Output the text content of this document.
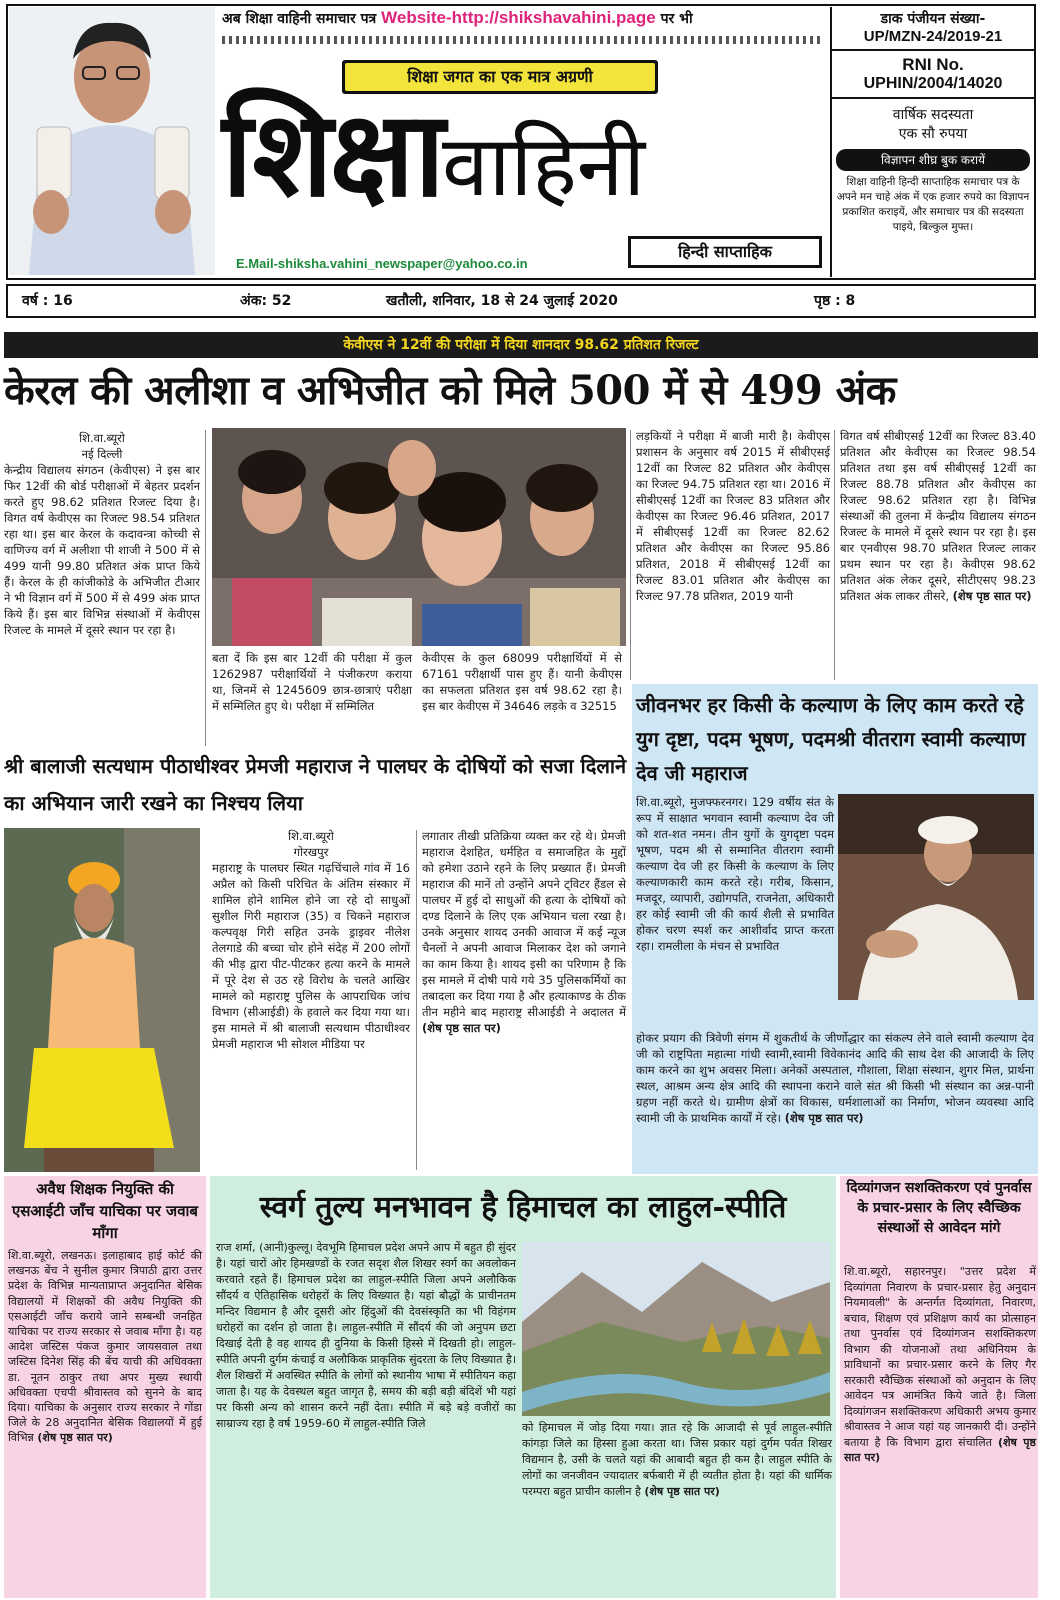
अब शिक्षा वाहिनी समाचार पत्र Website-http://shikshavahini.page पर भी
शिक्षा जगत का एक मात्र अग्रणी
शिक्षावाहिनी
हिन्दी साप्ताहिक
E.Mail-shiksha.vahini_newspaper@yahoo.co.in
डाक पंजीयन संख्या-
UP/MZN-24/2019-21
RNI No.
UPHIN/2004/14020
वार्षिक सदस्यता
एक सौ रुपया
विज्ञापन शीघ्र बुक करायें
शिक्षा वाहिनी हिन्दी साप्ताहिक समाचार पत्र के अपने मन चाहे अंक में एक हजार रुपये का विज्ञापन प्रकाशित कराइयें, और समाचार पत्र की सदस्यता पाइये, बिल्कुल मुफ्त।
वर्ष : 16	अंक: 52	खतौली, शनिवार, 18 से 24 जुलाई 2020	पृष्ठ : 8
केवीएस ने 12वीं की परीक्षा में दिया शानदार 98.62 प्रतिशत रिजल्ट
केरल की अलीशा व अभिजीत को मिले 500 में से 499 अंक
शि.वा.ब्यूरो
नई दिल्ली
केन्द्रीय विद्यालय संगठन (केवीएस) ने इस बार फिर 12वीं की बोर्ड परीक्षाओं में बेहतर प्रदर्शन करते हुए 98.62 प्रतिशत रिजल्ट दिया है। विगत वर्ष केवीएस का रिजल्ट 98.54 प्रतिशत रहा था। इस बार केरल के कदावन्त्रा कोच्ची से वाणिज्य वर्ग में अलीशा पी शाजी ने 500 में से 499 यानी 99.80 प्रतिशत अंक प्राप्त किये हैं। केरल के ही कांजीकोडे के अभिजीत टीआर ने भी विज्ञान वर्ग में 500 में से 499 अंक प्राप्त किये हैं। इस बार विभिन्न संस्थाओं में केवीएस रिजल्ट के मामले में दूसरे स्थान पर रहा है।
बता दें कि इस बार 12वीं की परीक्षा में कुल 1262987 परीक्षार्थियों ने पंजीकरण कराया था, जिनमें से 1245609 छात्र-छात्राएं परीक्षा में सम्मिलित हुए थे। परीक्षा में सम्मिलित
केवीएस के कुल 68099 परीक्षार्थियों में से 67161 परीक्षार्थी पास हुए हैं। यानी केवीएस का सफलता प्रतिशत इस वर्ष 98.62 रहा है। इस बार केवीएस में 34646 लड़के व 32515
लड़कियों ने परीक्षा में बाजी मारी है। केवीएस प्रशासन के अनुसार वर्ष 2015 में सीबीएसई 12वीं का रिजल्ट 82 प्रतिशत और केवीएस का रिजल्ट 94.75 प्रतिशत रहा था। 2016 में सीबीएसई 12वीं का रिजल्ट 83 प्रतिशत और केवीएस का रिजल्ट 96.46 प्रतिशत, 2017 में सीबीएसई 12वीं का रिजल्ट 82.62 प्रतिशत और केवीएस का रिजल्ट 95.86 प्रतिशत, 2018 में सीबीएसई 12वीं का रिजल्ट 83.01 प्रतिशत और केवीएस का रिजल्ट 97.78 प्रतिशत, 2019 यानी
विगत वर्ष सीबीएसई 12वीं का रिजल्ट 83.40 प्रतिशत और केवीएस का रिजल्ट 98.54 प्रतिशत तथा इस वर्ष सीबीएसई 12वीं का रिजल्ट 88.78 प्रतिशत और केवीएस का रिजल्ट 98.62 प्रतिशत रहा है। विभिन्न संस्थाओं की तुलना में केन्द्रीय विद्यालय संगठन रिजल्ट के मामले में दूसरे स्थान पर रहा है। इस बार एनवीएस 98.70 प्रतिशत रिजल्ट लाकर प्रथम स्थान पर रहा है। केवीएस 98.62 प्रतिशत अंक लेकर दूसरे, सीटीएसए 98.23 प्रतिशत अंक लाकर तीसरे, (शेष पृष्ठ सात पर)
जीवनभर हर किसी के कल्याण के लिए काम करते रहे युग दृष्टा, पदम भूषण, पदमश्री वीतराग स्वामी कल्याण देव जी महाराज
शि.वा.ब्यूरो, मुजफ्फरनगर। 129 वर्षीय संत के रूप में साक्षात भगवान स्वामी कल्याण देव जी को शत-शत नमन। तीन युगों के युगदृष्टा पदम भूषण, पदम श्री से सम्मानित वीतराग स्वामी कल्याण देव जी हर किसी के कल्याण के लिए कल्याणकारी काम करते रहे। गरीब, किसान, मजदूर, व्यापारी, उद्योगपति, राजनेता, अधिकारी हर कोई स्वामी जी की कार्य शैली से प्रभावित होकर चरण स्पर्श कर आशीर्वाद प्राप्त करता रहा। रामलीला के मंचन से प्रभावित
होकर प्रयाग की त्रिवेणी संगम में शुकतीर्थ के जीर्णोद्धार का संकल्प लेने वाले स्वामी कल्याण देव जी को राष्ट्रपिता महात्मा गांधी स्वामी,स्वामी विवेकानंद आदि की साथ देश की आजादी के लिए काम करने का शुभ अवसर मिला। अनेकों अस्पताल, गौशाला, शिक्षा संस्थान, शुगर मिल, प्रार्थना स्थल, आश्रम अन्य क्षेत्र आदि की स्थापना कराने वाले संत श्री किसी भी संस्थान का अन्न-पानी ग्रहण नहीं करते थे। ग्रामीण क्षेत्रों का विकास, धर्मशालाओं का निर्माण, भोजन व्यवस्था आदि स्वामी जी के प्राथमिक कार्यों में रहे। (शेष पृष्ठ सात पर)
श्री बालाजी सत्यधाम पीठाधीश्वर प्रेमजी महाराज ने पालघर के दोषियों को सजा दिलाने का अभियान जारी रखने का निश्चय लिया
शि.वा.ब्यूरो
गोरखपुर
महाराष्ट्र के पालघर स्थित गढ़चिंचाले गांव में 16 अप्रैल को किसी परिचित के अंतिम संस्कार में शामिल होने शामिल होने जा रहे दो साधुओं सुशील गिरी महाराज (35) व चिकने महाराज कल्पवृक्ष गिरी सहित उनके ड्राइवर नीलेश तेलगाडे की बच्चा चोर होने संदेह में 200 लोगों की भीड़ द्वारा पीट-पीटकर हत्या करने के मामले में पूरे देश से उठ रहे विरोध के चलते आखिर मामले को महाराष्ट्र पुलिस के आपराधिक जांच विभाग (सीआईडी) के हवाले कर दिया गया था। इस मामले में श्री बालाजी सत्यधाम पीठाधीश्वर प्रेमजी महाराज भी सोशल मीडिया पर
लगातार तीखी प्रतिक्रिया व्यक्त कर रहे थे। प्रेमजी महाराज देशहित, धर्महित व समाजहित के मुद्दों को हमेशा उठाने रहने के लिए प्रख्यात हैं। प्रेमजी महाराज की मानें तो उन्होंने अपने ट्विटर हैंडल से पालघर में हुई दो साधुओं की हत्या के दोषियों को दण्ड दिलाने के लिए एक अभियान चला रखा है। उनके अनुसार शायद उनकी आवाज में कई न्यूज चैनलों ने अपनी आवाज मिलाकर देश को जगाने का काम किया है। शायद इसी का परिणाम है कि इस मामले में दोषी पाये गये 35 पुलिसकर्मियों का तबादला कर दिया गया है और हत्याकाण्ड के ठीक तीन महीने बाद महाराष्ट्र सीआईडी ने अदालत में (शेष पृष्ठ सात पर)
अवैध शिक्षक नियुक्ति की एसआईटी जाँच याचिका पर जवाब माँगा
शि.वा.ब्यूरो, लखनऊ। इलाहाबाद हाई कोर्ट की लखनऊ बेंच ने सुनील कुमार त्रिपाठी द्वारा उत्तर प्रदेश के विभिन्न मान्यताप्राप्त अनुदानित बेसिक विद्यालयों में शिक्षकों की अवैध नियुक्ति की एसआईटी जाँच कराये जाने सम्बन्धी जनहित याचिका पर राज्य सरकार से जवाब माँगा है। यह आदेश जस्टिस पंकज कुमार जायसवाल तथा जस्टिस दिनेश सिंह की बेंच याची की अधिवक्ता डा. नूतन ठाकुर तथा अपर मुख्य स्थायी अधिवक्ता एचपी श्रीवास्तव को सुनने के बाद दिया। याचिका के अनुसार राज्य सरकार ने गोंडा जिले के 28 अनुदानित बेसिक विद्यालयों में हुई विभिन्न (शेष पृष्ठ सात पर)
स्वर्ग तुल्य मनभावन है हिमाचल का लाहुल-स्पीति
राज शर्मा, (आनी)कुल्लू। देवभूमि हिमाचल प्रदेश अपने आप में बहुत ही सुंदर है। यहां चारों ओर हिमखण्डों के रजत सदृश शैल शिखर स्वर्ग का अवलोकन करवाते रहते हैं। हिमाचल प्रदेश का लाहुल-स्पीति जिला अपने अलौकिक सौंदर्य व ऐतिहासिक धरोहरों के लिए विख्यात है। यहां बौद्धों के प्राचीनतम मन्दिर विद्यमान है और दूसरी ओर हिंदुओं की देवसंस्कृति का भी विहंगम धरोहरों का दर्शन हो जाता है। लाहुल-स्पीति में सौंदर्य की जो अनुपम छटा दिखाई देती है वह शायद ही दुनिया के किसी हिस्से में दिखती हो। लाहुल-स्पीति अपनी दुर्गम कंचाई व अलौकिक प्राकृतिक सुंदरता के लिए विख्यात है। शैल शिखरों में अवस्थित स्पीति के लोगों को स्थानीय भाषा में स्पीतियन कहा जाता है। यह के देवस्थल बहुत जागृत है, समय की बड़ी बड़ी बंदिशें भी यहां पर किसी अन्य को शासन करने नहीं देता। स्पीति में बड़े बड़े वजीरों का साम्राज्य रहा है वर्ष 1959-60 में लाहुल-स्पीति जिले	को हिमाचल में जोड़ दिया गया। ज्ञात रहे कि आजादी से पूर्व लाहुल-स्पीति कांगड़ा जिले का हिस्सा हुआ करता था। जिस प्रकार यहां दुर्गम पर्वत शिखर विद्यमान है, उसी के चलते यहां की आबादी बहुत ही कम है। लाहुल स्पीति के लोगों का जनजीवन ज्यादातर बर्फबारी में ही व्यतीत होता है। यहां की धार्मिक परम्परा बहुत प्राचीन कालीन है (शेष पृष्ठ सात पर)
दिव्यांगजन सशक्तिकरण एवं पुनर्वास के प्रचार-प्रसार के लिए स्वैच्छिक संस्थाओं से आवेदन मांगे
शि.वा.ब्यूरो, सहारनपुर। "उत्तर प्रदेश में दिव्यांगता निवारण के प्रचार-प्रसार हेतु अनुदान नियमावली" के अन्तर्गत दिव्यांगता, निवारण, बचाव, शिक्षण एवं प्रशिक्षण कार्य का प्रोत्साहन तथा पुनर्वास एवं दिव्यांगजन सशक्तिकरण विभाग की योजनाओं तथा अधिनियम के प्राविधानों का प्रचार-प्रसार करने के लिए गैर सरकारी स्वैच्छिक संस्थाओं को अनुदान के लिए आवेदन पत्र आमंत्रित किये जाते है। जिला दिव्यांगजन सशक्तिकरण अधिकारी अभय कुमार श्रीवास्तव ने आज यहां यह जानकारी दी। उन्होंने बताया है कि विभाग द्वारा संचालित (शेष पृष्ठ सात पर)
